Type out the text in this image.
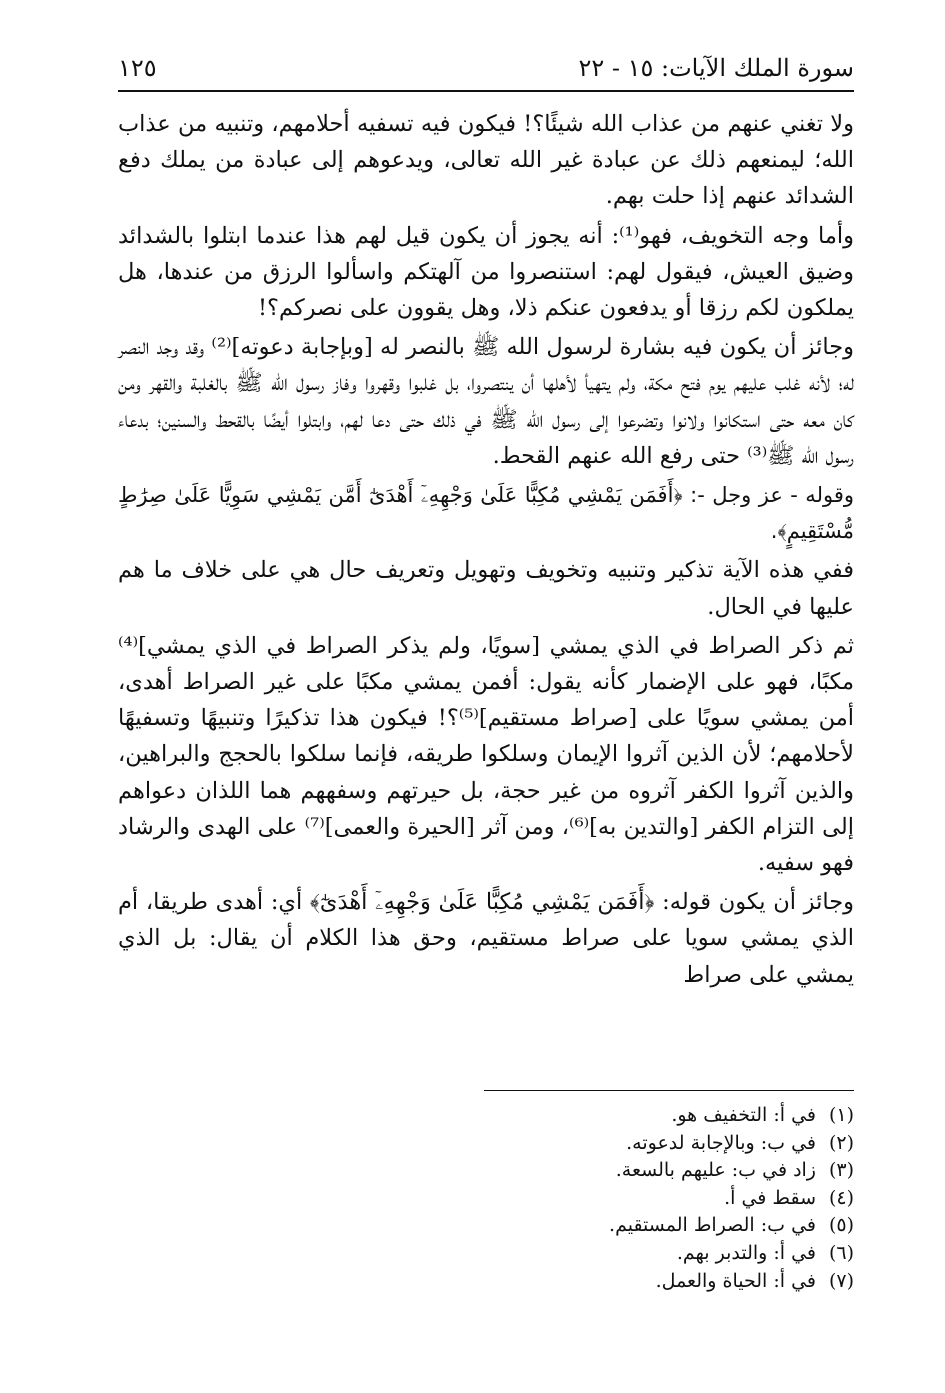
سورة الملك الآيات: ١٥ - ٢٢
١٢٥

ولا تغني عنهم من عذاب الله شيئًا؟! فيكون فيه تسفيه أحلامهم، وتنبيه من عذاب الله؛ ليمنعهم ذلك عن عبادة غير الله تعالى، ويدعوهم إلى عبادة من يملك دفع الشدائد عنهم إذا حلت بهم.

وأما وجه التخويف، فهو⁽¹⁾: أنه يجوز أن يكون قيل لهم هذا عندما ابتلوا بالشدائد وضيق العيش، فيقول لهم: استنصروا من آلهتكم واسألوا الرزق من عندها، هل يملكون لكم رزقا أو يدفعون عنكم ذلا، وهل يقوون على نصركم؟!

وجائز أن يكون فيه بشارة لرسول الله ﷺ بالنصر له [وبإجابة دعوته]⁽²⁾ وقد وجد النصر له؛ لأنه غلب عليهم يوم فتح مكة، ولم يتهيأ لأهلها أن ينتصروا، بل غلبوا وقهروا وفاز رسول الله ﷺ بالغلبة والقهر ومن كان معه حتى استكانوا ولانوا وتضرعوا إلى رسول الله ﷺ في ذلك حتى دعا لهم، وابتلوا أيضًا بالقحط والسنين؛ بدعاء رسول الله ﷺ⁽³⁾ حتى رفع الله عنهم القحط.

وقوله - عز وجل -: ﴿أَفَمَن يَمْشِي مُكِبًّا عَلَىٰ وَجْهِهِۦٓ أَهْدَىٰٓ أَمَّن يَمْشِي سَوِيًّا عَلَىٰ صِرَٰطٍ مُّسْتَقِيمٍ﴾.

ففي هذه الآية تذكير وتنبيه وتخويف وتهويل وتعريف حال هي على خلاف ما هم عليها في الحال.

ثم ذكر الصراط في الذي يمشي [سويًا، ولم يذكر الصراط في الذي يمشي]⁽⁴⁾ مكبًا، فهو على الإضمار كأنه يقول: أفمن يمشي مكبًا على غير الصراط أهدى، أمن يمشي سويًا على [صراط مستقيم]⁽⁵⁾؟! فيكون هذا تذكيرًا وتنبيهًا وتسفيهًا لأحلامهم؛ لأن الذين آثروا الإيمان وسلكوا طريقه، فإنما سلكوا بالحجج والبراهين، والذين آثروا الكفر آثروه من غير حجة، بل حيرتهم وسفههم هما اللذان دعواهم إلى التزام الكفر [والتدين به]⁽⁶⁾، ومن آثر [الحيرة والعمى]⁽⁷⁾ على الهدى والرشاد فهو سفيه.

وجائز أن يكون قوله: ﴿أَفَمَن يَمْشِي مُكِبًّا عَلَىٰ وَجْهِهِۦٓ أَهْدَىٰٓ﴾ أي: أهدى طريقا، أم الذي يمشي سويا على صراط مستقيم، وحق هذا الكلام أن يقال: بل الذي يمشي على صراط

(١)في أ: التخفيف هو.
(٢)في ب: وبالإجابة لدعوته.
(٣)زاد في ب: عليهم بالسعة.
(٤)سقط في أ.
(٥)في ب: الصراط المستقيم.
(٦)في أ: والتدبر بهم.
(٧)في أ: الحياة والعمل.
